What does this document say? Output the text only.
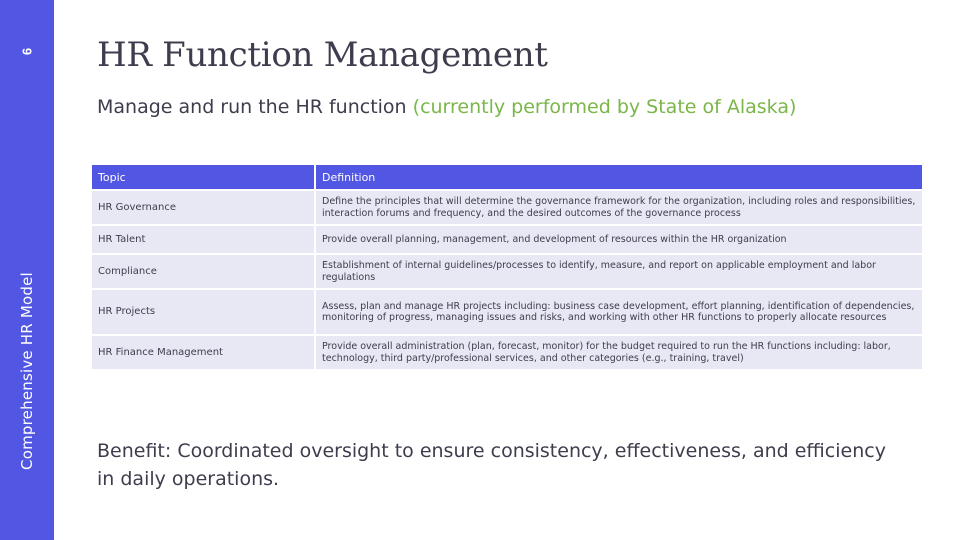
6
Comprehensive HR Model
HR Function Management
Manage and run the HR function (currently performed by State of Alaska)
Topic	Definition
HR Governance	Define the principles that will determine the governance framework for the organization, including roles and responsibilities, interaction forums and frequency, and the desired outcomes of the governance process
HR Talent	Provide overall planning, management, and development of resources within the HR organization
Compliance	Establishment of internal guidelines/processes to identify, measure, and report on applicable employment and labor regulations
HR Projects	Assess, plan and manage HR projects including: business case development, effort planning, identification of dependencies, monitoring of progress, managing issues and risks, and working with other HR functions to properly allocate resources
HR Finance Management	Provide overall administration (plan, forecast, monitor) for the budget required to run the HR functions including: labor, technology, third party/professional services, and other categories (e.g., training, travel)
Benefit: Coordinated oversight to ensure consistency, effectiveness, and efficiency in daily operations.
